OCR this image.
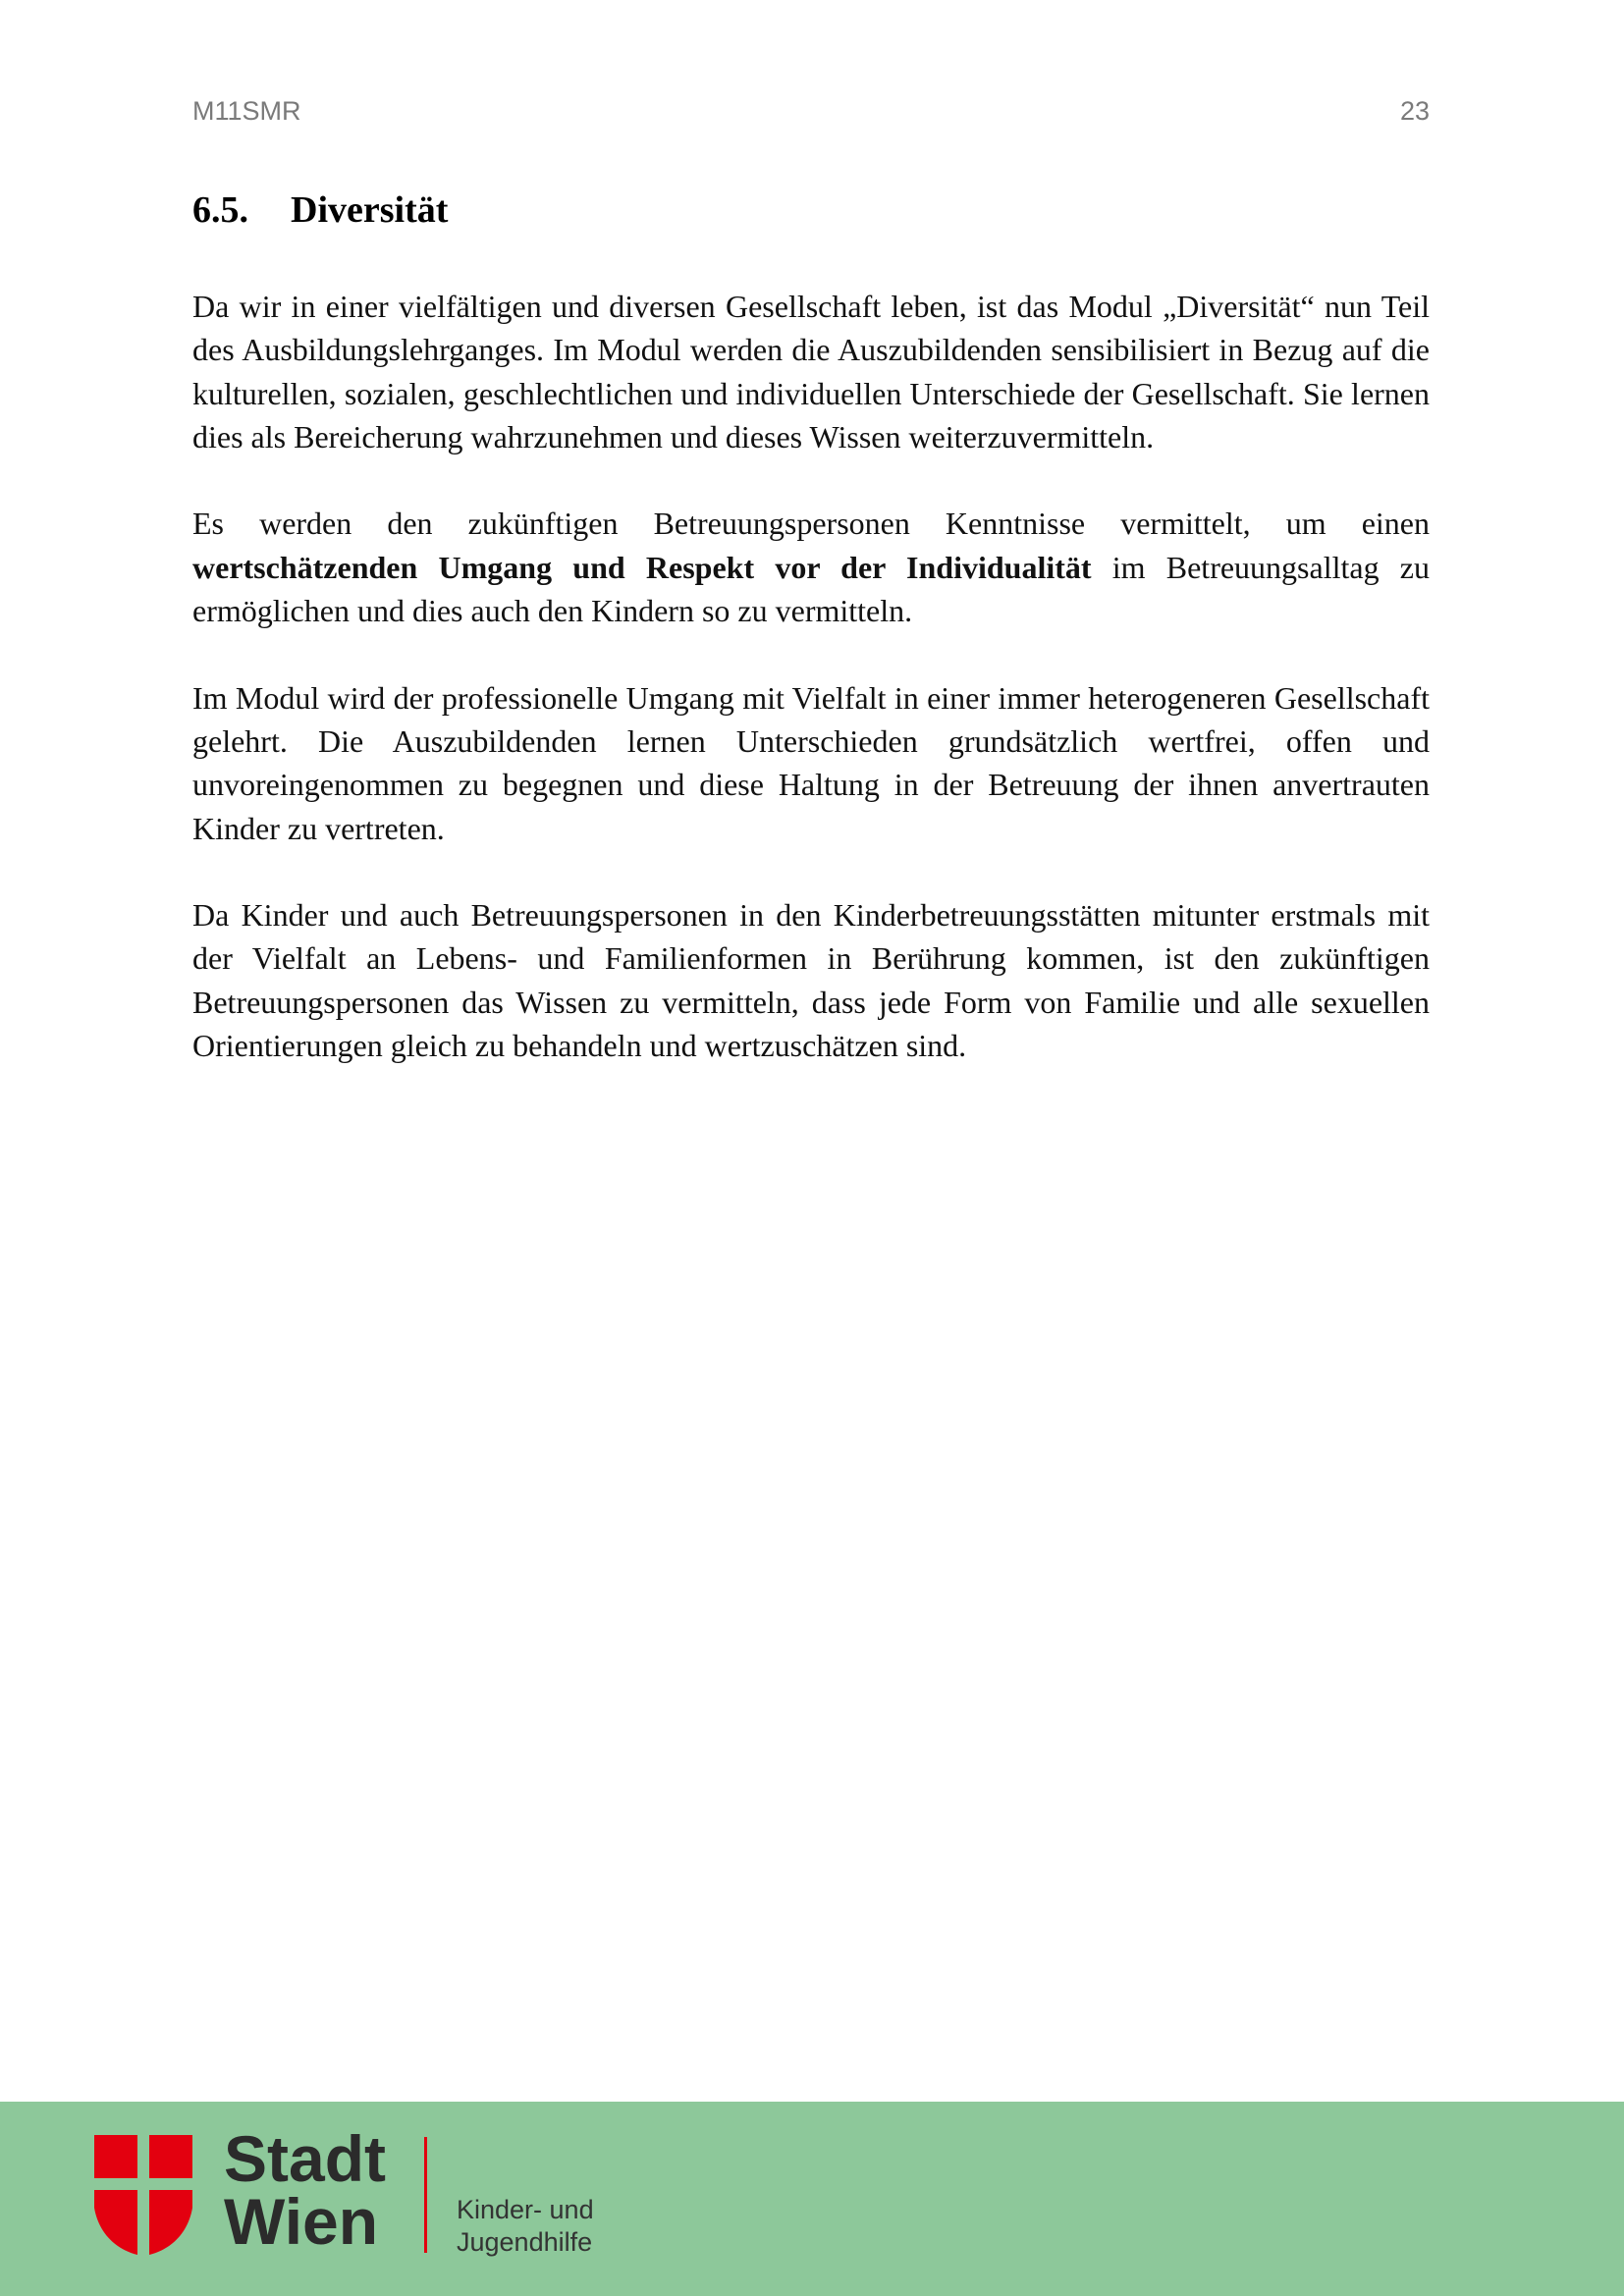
M11SMR	23
6.5. Diversität

Da wir in einer vielfältigen und diversen Gesellschaft leben, ist das Modul „Diversität“ nun Teil des Ausbildungslehrganges. Im Modul werden die Auszubildenden sensibilisiert in Bezug auf die kulturellen, sozialen, geschlechtlichen und individuellen Unterschiede der Gesellschaft. Sie lernen dies als Bereicherung wahrzunehmen und dieses Wissen weiterzuvermitteln.

Es werden den zukünftigen Betreuungspersonen Kenntnisse vermittelt, um einen wertschätzenden Umgang und Respekt vor der Individualität im Betreuungsalltag zu ermöglichen und dies auch den Kindern so zu vermitteln.

Im Modul wird der professionelle Umgang mit Vielfalt in einer immer heterogeneren Gesellschaft gelehrt. Die Auszubildenden lernen Unterschieden grundsätzlich wertfrei, offen und unvoreingenommen zu begegnen und diese Haltung in der Betreuung der ihnen anvertrauten Kinder zu vertreten.

Da Kinder und auch Betreuungspersonen in den Kinderbetreuungsstätten mitunter erstmals mit der Vielfalt an Lebens- und Familienformen in Berührung kommen, ist den zukünftigen Betreuungspersonen das Wissen zu vermitteln, dass jede Form von Familie und alle sexuellen Orientierungen gleich zu behandeln und wertzuschätzen sind.

Stadt
Wien	Kinder- und
Jugendhilfe
